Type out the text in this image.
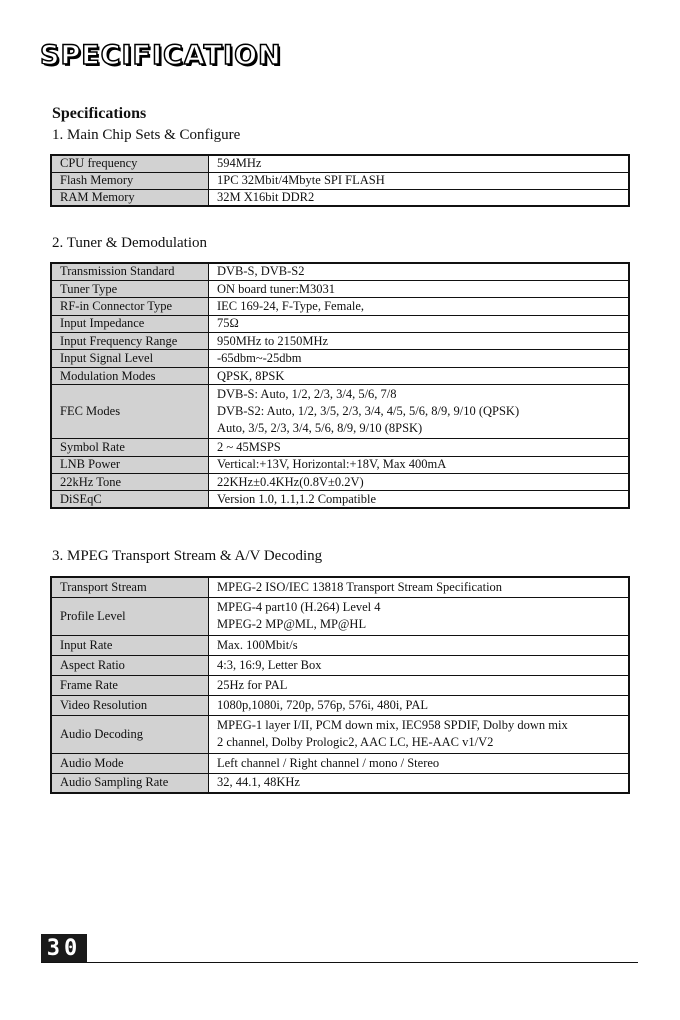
SPECIFICATION
Specifications
1. Main Chip Sets & Configure
CPU frequency	594MHz

Flash Memory	1PC 32Mbit/4Mbyte SPI FLASH

RAM Memory	32M X16bit DDR2
2. Tuner & Demodulation
Transmission Standard	DVB-S, DVB-S2

Tuner Type	ON board tuner:M3031

RF-in Connector Type	IEC 169-24, F-Type, Female,

Input Impedance	75Ω

Input Frequency Range	950MHz to 2150MHz

Input Signal Level	-65dbm~-25dbm

Modulation Modes	QPSK, 8PSK

FEC Modes	DVB-S: Auto, 1/2, 2/3, 3/4, 5/6, 7/8
DVB-S2: Auto, 1/2, 3/5, 2/3, 3/4, 4/5, 5/6, 8/9, 9/10 (QPSK)
Auto, 3/5, 2/3, 3/4, 5/6, 8/9, 9/10 (8PSK)

Symbol Rate	2 ~ 45MSPS

LNB Power	Vertical:+13V, Horizontal:+18V, Max 400mA

22kHz Tone	22KHz±0.4KHz(0.8V±0.2V)

DiSEqC	Version 1.0, 1.1,1.2 Compatible
3. MPEG Transport Stream & A/V Decoding
Transport Stream	MPEG-2 ISO/IEC 13818 Transport Stream Specification

Profile Level	MPEG-4 part10 (H.264) Level 4
MPEG-2 MP@ML, MP@HL

Input Rate	Max. 100Mbit/s

Aspect Ratio	4:3, 16:9, Letter Box

Frame Rate	25Hz for PAL

Video Resolution	1080p,1080i, 720p, 576p, 576i, 480i, PAL

Audio Decoding	MPEG-1 layer I/II, PCM down mix, IEC958 SPDIF, Dolby down mix
2 channel, Dolby Prologic2, AAC LC, HE-AAC v1/V2

Audio Mode	Left channel / Right channel / mono / Stereo

Audio Sampling Rate	32, 44.1, 48KHz
30
